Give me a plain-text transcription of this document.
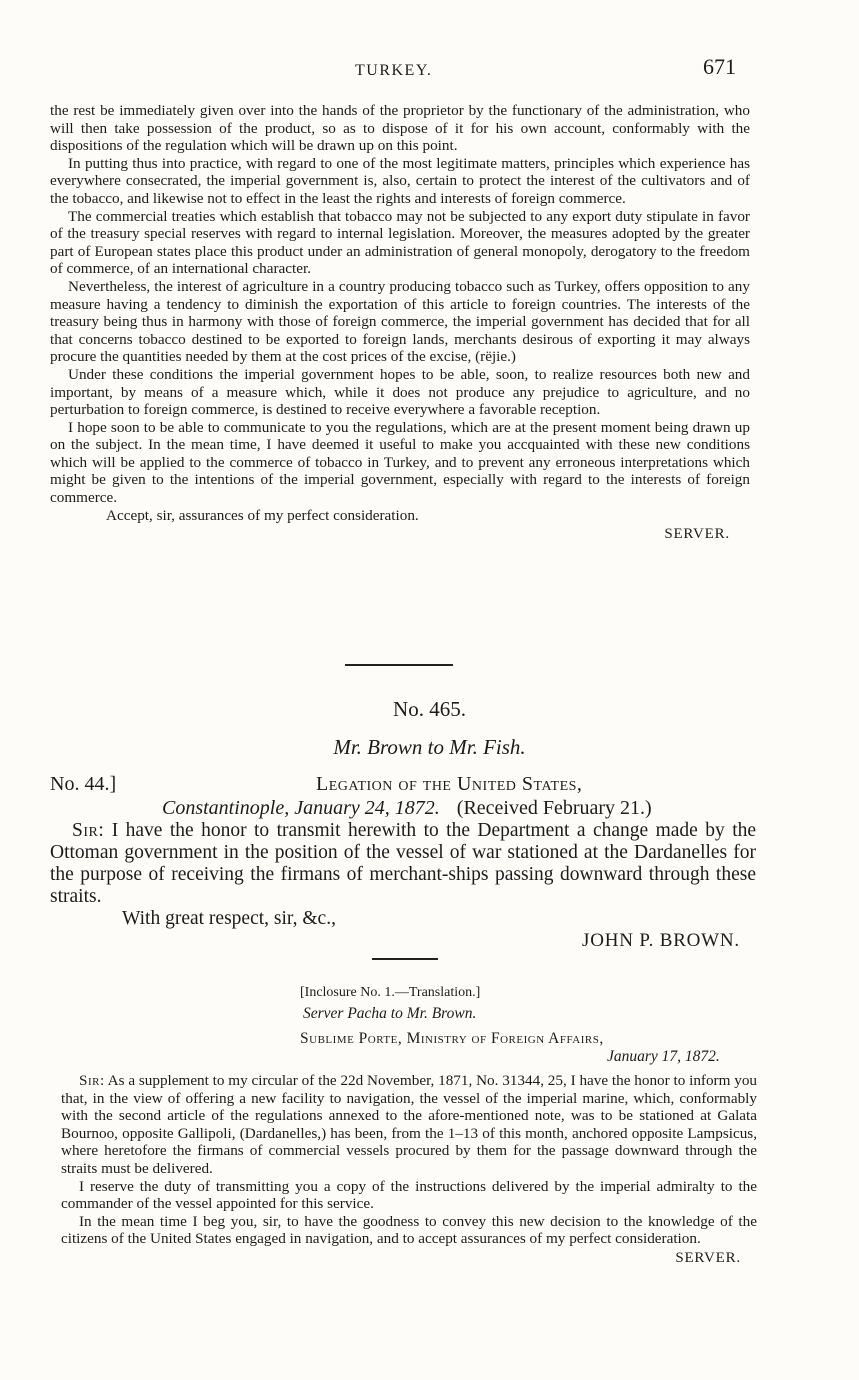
TURKEY.	671

the rest be immediately given over into the hands of the proprietor by the functionary of the administration, who will then take possession of the product, so as to dispose of it for his own account, conformably with the dispositions of the regulation which will be drawn up on this point.

In putting thus into practice, with regard to one of the most legitimate matters, principles which experience has everywhere consecrated, the imperial government is, also, certain to protect the interest of the cultivators and of the tobacco, and likewise not to effect in the least the rights and interests of foreign commerce.

The commercial treaties which establish that tobacco may not be subjected to any export duty stipulate in favor of the treasury special reserves with regard to internal legislation. Moreover, the measures adopted by the greater part of European states place this product under an administration of general monopoly, derogatory to the freedom of commerce, of an international character.

Nevertheless, the interest of agriculture in a country producing tobacco such as Turkey, offers opposition to any measure having a tendency to diminish the exportation of this article to foreign countries. The interests of the treasury being thus in harmony with those of foreign commerce, the imperial government has decided that for all that concerns tobacco destined to be exported to foreign lands, merchants desirous of exporting it may always procure the quantities needed by them at the cost prices of the excise, (rëjie.)

Under these conditions the imperial government hopes to be able, soon, to realize resources both new and important, by means of a measure which, while it does not produce any prejudice to agriculture, and no perturbation to foreign commerce, is destined to receive everywhere a favorable reception.

I hope soon to be able to communicate to you the regulations, which are at the present moment being drawn up on the subject. In the mean time, I have deemed it useful to make you accquainted with these new conditions which will be applied to the commerce of tobacco in Turkey, and to prevent any erroneous interpretations which might be given to the intentions of the imperial government, especially with regard to the interests of foreign commerce.

Accept, sir, assurances of my perfect consideration.

SERVER.
No. 465.
Mr. Brown to Mr. Fish.
No. 44.]	Legation of the United States,
Constantinople, January 24, 1872. (Received February 21.)

Sir: I have the honor to transmit herewith to the Department a change made by the Ottoman government in the position of the vessel of war stationed at the Dardanelles for the purpose of receiving the firmans of merchant-ships passing downward through these straits.

With great respect, sir, &c.,

JOHN P. BROWN.
[Inclosure No. 1.—Translation.]
Server Pacha to Mr. Brown.
Sublime Porte, Ministry of Foreign Affairs,
January 17, 1872.

Sir: As a supplement to my circular of the 22d November, 1871, No. 31344, 25, I have the honor to inform you that, in the view of offering a new facility to navigation, the vessel of the imperial marine, which, conformably with the second article of the regulations annexed to the afore-mentioned note, was to be stationed at Galata Bournoo, opposite Gallipoli, (Dardanelles,) has been, from the 1–13 of this month, anchored opposite Lampsicus, where heretofore the firmans of commercial vessels procured by them for the passage downward through the straits must be delivered.

I reserve the duty of transmitting you a copy of the instructions delivered by the imperial admiralty to the commander of the vessel appointed for this service.

In the mean time I beg you, sir, to have the goodness to convey this new decision to the knowledge of the citizens of the United States engaged in navigation, and to accept assurances of my perfect consideration.

SERVER.
